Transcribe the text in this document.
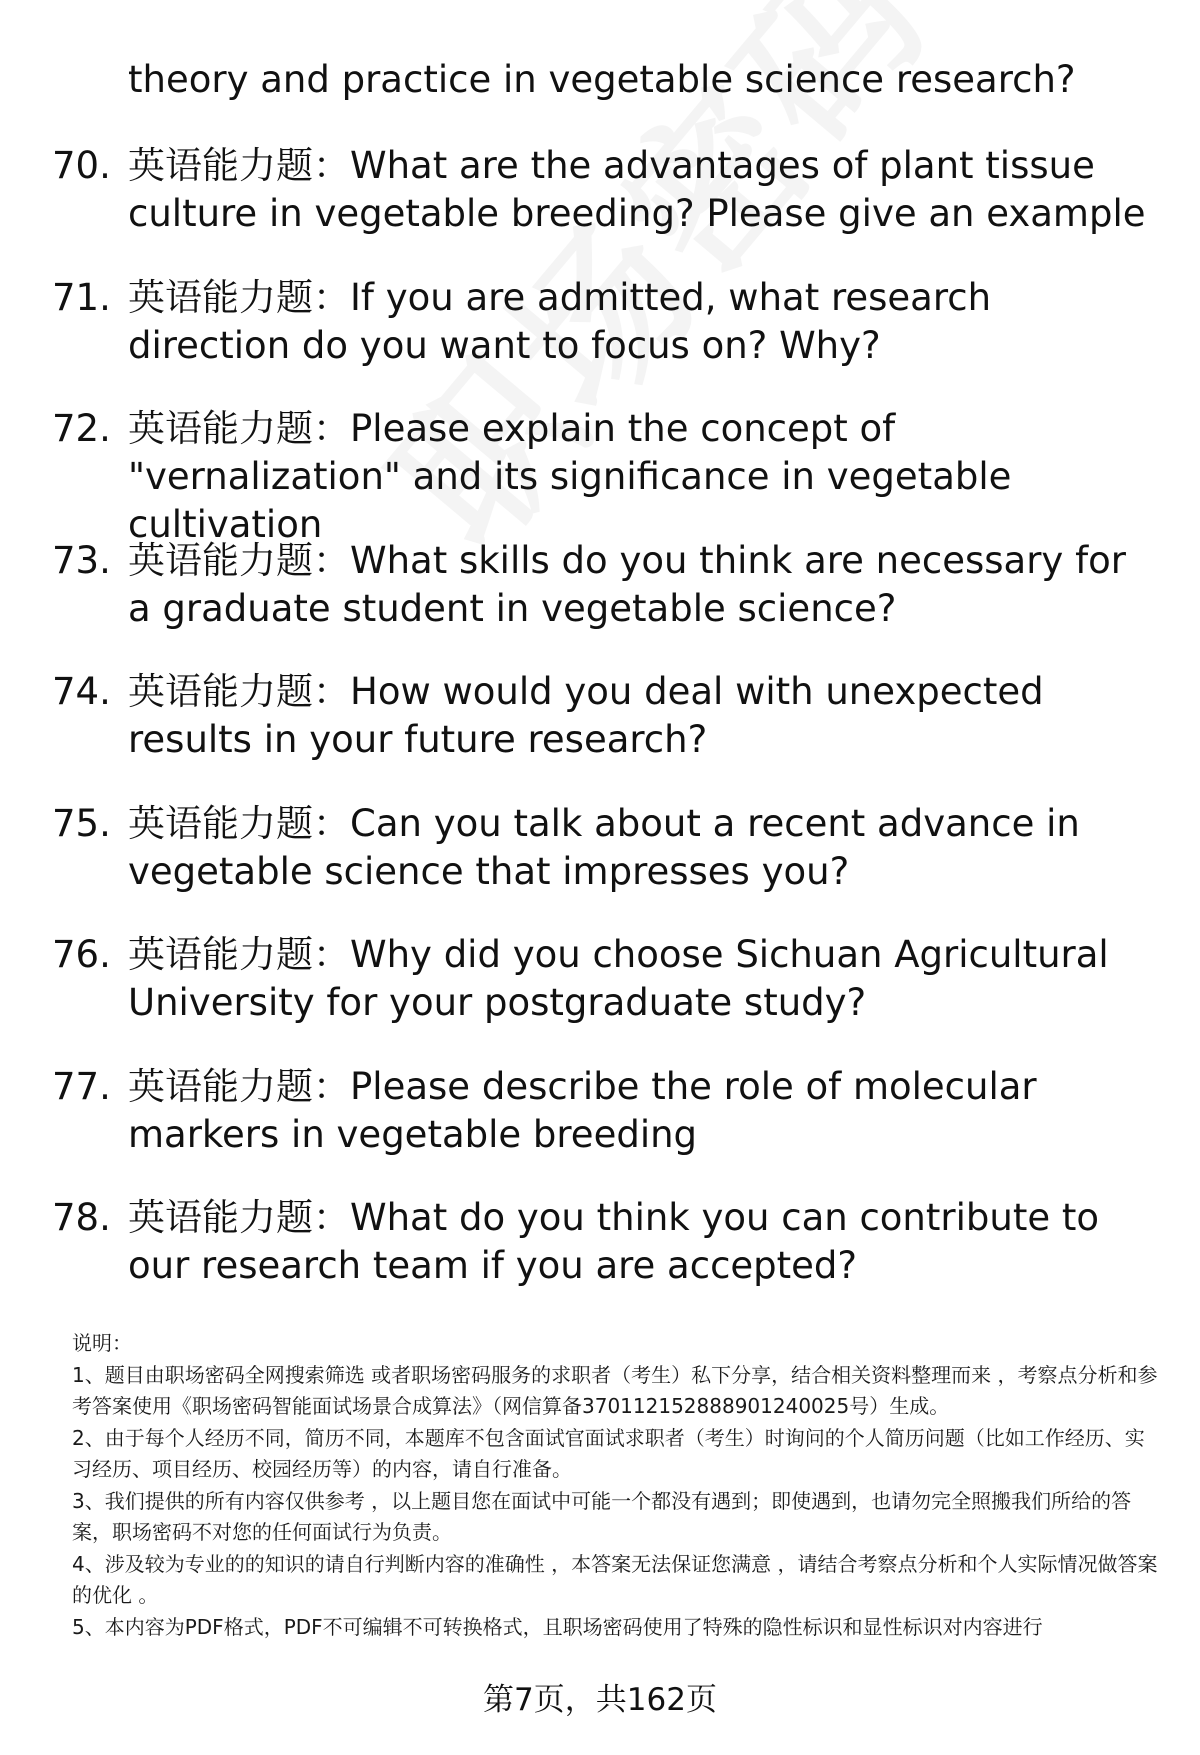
theory and practice in vegetable science research?
70. 英语能力题：What are the advantages of plant tissue culture in vegetable breeding? Please give an example
71. 英语能力题：If you are admitted, what research direction do you want to focus on? Why?
72. 英语能力题：Please explain the concept of "vernalization" and its significance in vegetable cultivation
73. 英语能力题：What skills do you think are necessary for a graduate student in vegetable science?
74. 英语能力题：How would you deal with unexpected results in your future research?
75. 英语能力题：Can you talk about a recent advance in vegetable science that impresses you?
76. 英语能力题：Why did you choose Sichuan Agricultural University for your postgraduate study?
77. 英语能力题：Please describe the role of molecular markers in vegetable breeding
78. 英语能力题：What do you think you can contribute to our research team if you are accepted?

说明：

1、题目由职场密码全网搜索筛选 或者职场密码服务的求职者（考生）私下分享，结合相关资料整理而来 ，考察点分析和参考答案使用《职场密码智能面试场景合成算法》（网信算备370112152888901240025号）生成。

2、由于每个人经历不同，简历不同，本题库不包含面试官面试求职者（考生）时询问的个人简历问题（比如工作经历、实习经历、项目经历、校园经历等）的内容，请自行准备。

3、我们提供的所有内容仅供参考 ，以上题目您在面试中可能一个都没有遇到；即使遇到，也请勿完全照搬我们所给的答案，职场密码不对您的任何面试行为负责。

4、涉及较为专业的的知识的请自行判断内容的准确性 ，本答案无法保证您满意 ，请结合考察点分析和个人实际情况做答案的优化 。

5、本内容为PDF格式，PDF不可编辑不可转换格式，且职场密码使用了特殊的隐性标识和显性标识对内容进行

第7页，共162页
